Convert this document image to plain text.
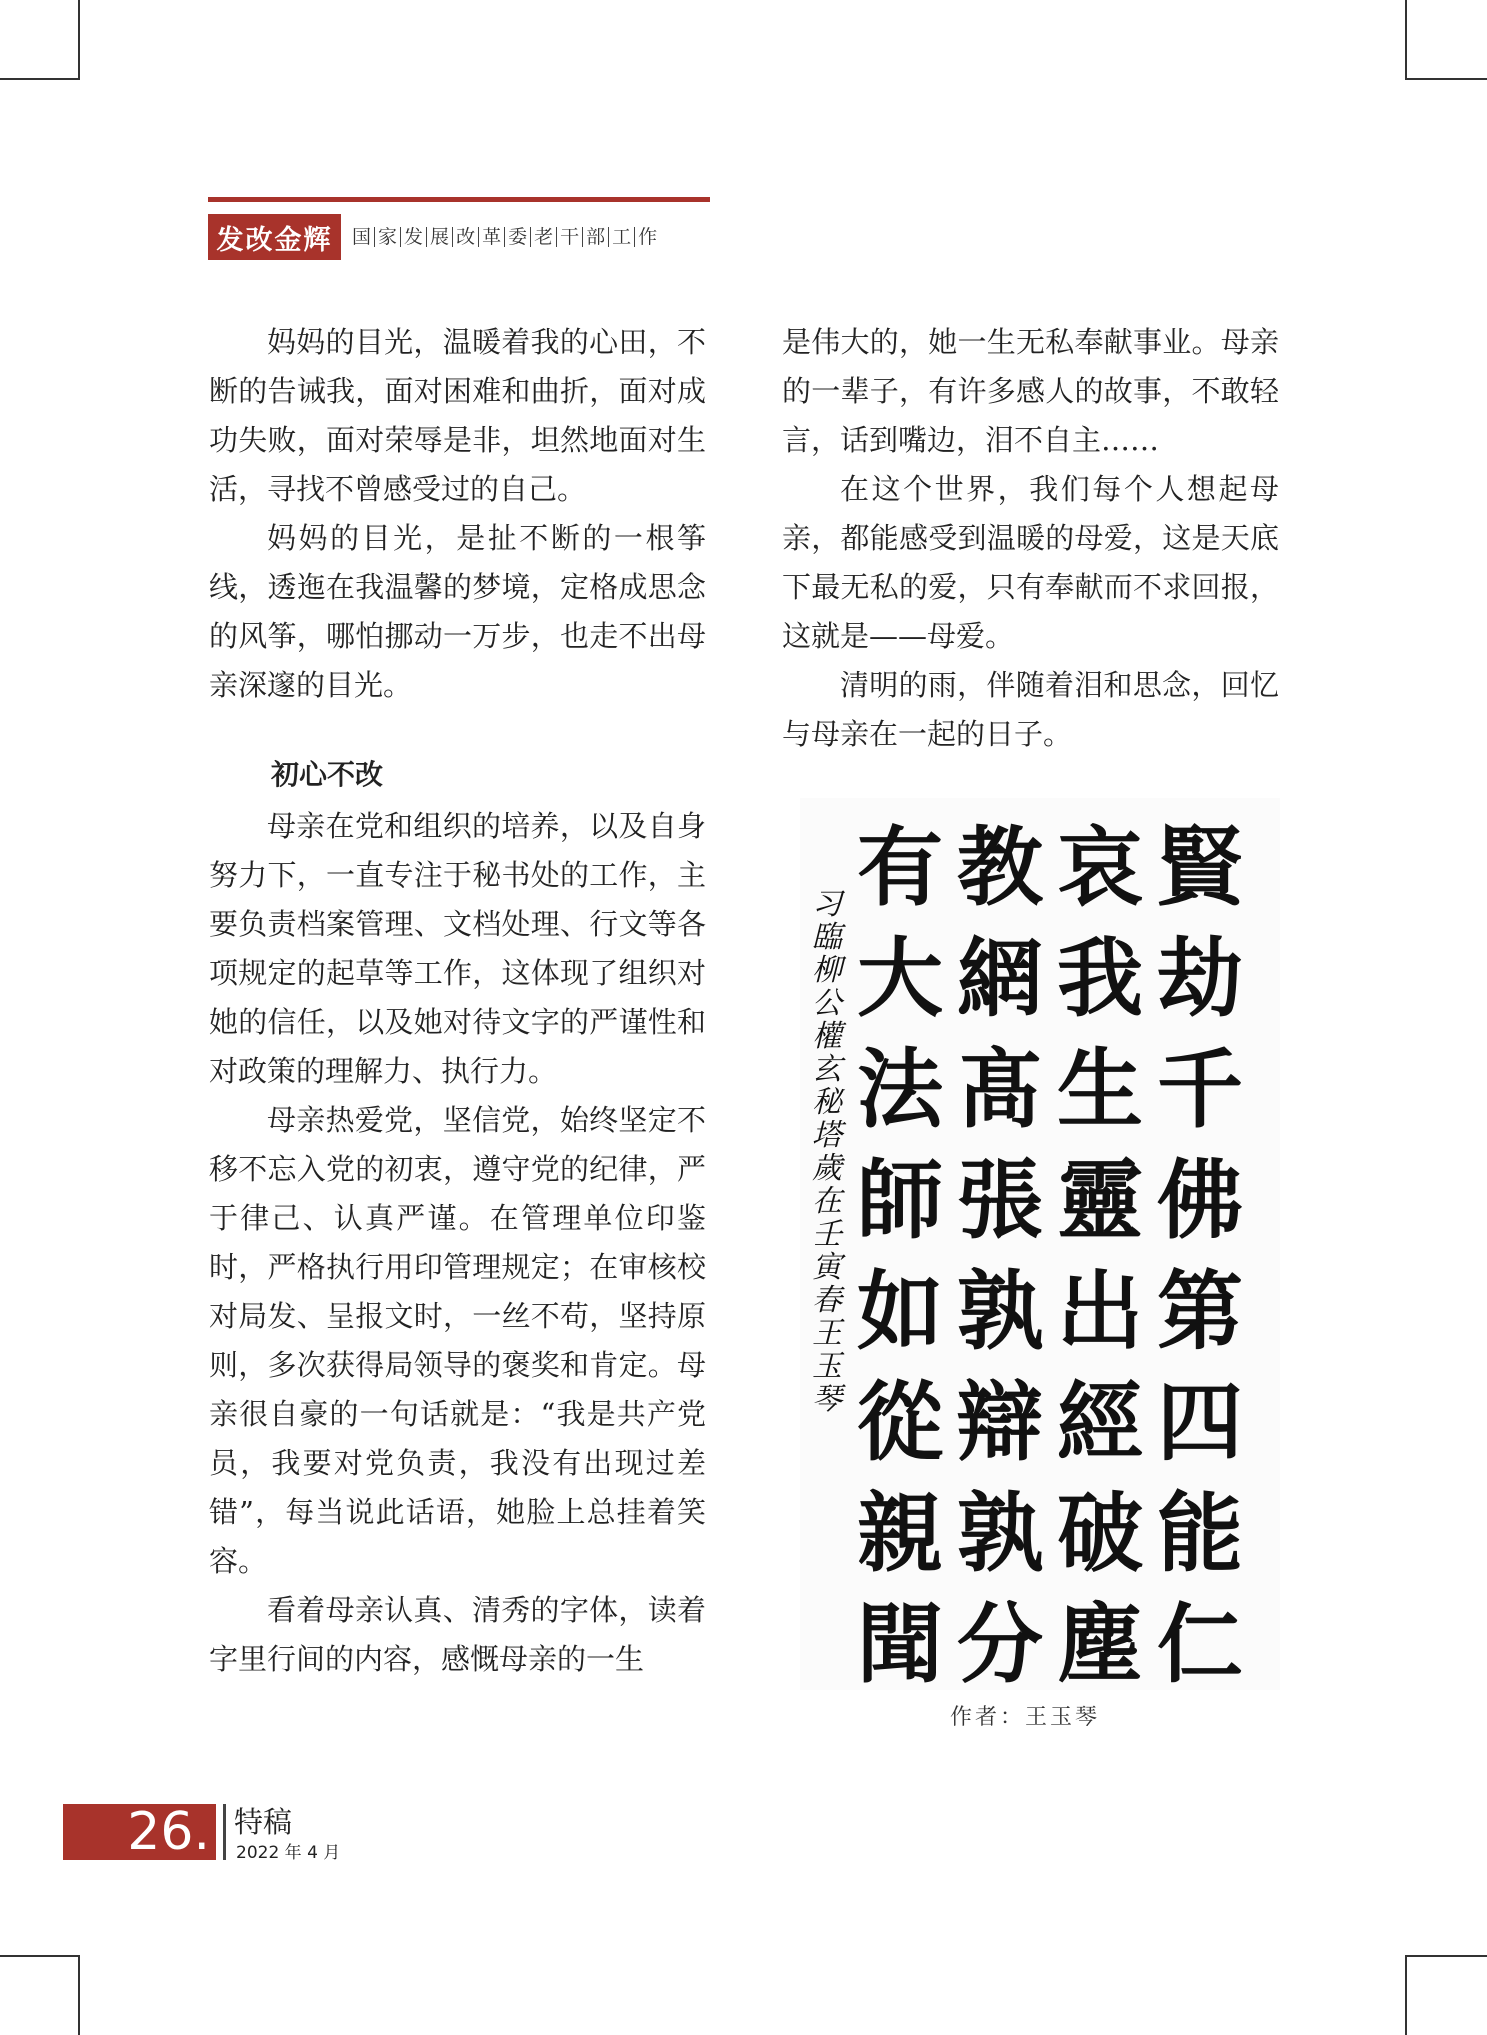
发改金辉	国 家 发 展 改 革 委 老 干 部 工 作

妈妈的目光，温暖着我的心田，不断的告诫我，面对困难和曲折，面对成功失败，面对荣辱是非，坦然地面对生活，寻找不曾感受过的自己。

妈妈的目光，是扯不断的一根筝线，透迤在我温馨的梦境，定格成思念的风筝，哪怕挪动一万步，也走不出母亲深邃的目光。

初心不改

母亲在党和组织的培养，以及自身努力下，一直专注于秘书处的工作，主要负责档案管理、文档处理、行文等各项规定的起草等工作，这体现了组织对她的信任，以及她对待文字的严谨性和对政策的理解力、执行力。

母亲热爱党，坚信党，始终坚定不移不忘入党的初衷，遵守党的纪律，严于律己、认真严谨。在管理单位印鉴时，严格执行用印管理规定；在审核校对局发、呈报文时，一丝不苟，坚持原则，多次获得局领导的褒奖和肯定。母亲很自豪的一句话就是：“我是共产党员，我要对党负责，我没有出现过差错”，每当说此话语，她脸上总挂着笑容。

看着母亲认真、清秀的字体，读着字里行间的内容，感慨母亲的一生

是伟大的，她一生无私奉献事业。母亲的一辈子，有许多感人的故事，不敢轻言，话到嘴边，泪不自主……

在这个世界，我们每个人想起母亲，都能感受到温暖的母爱，这是天底下最无私的爱，只有奉献而不求回报，这就是——母爱。

清明的雨，伴随着泪和思念，回忆与母亲在一起的日子。

习
臨
柳
公
權
玄
秘
塔
歲
在
壬
寅
春
王
玉
琴
有
大
法
師
如
從
親
聞
教
網
髙
張
孰
辯
孰
分
哀
我
生
靈
出
經
破
塵
賢
劫
千
佛
第
四
能
仁
作者：王玉琴
26. 特稿
2022 年 4 月
